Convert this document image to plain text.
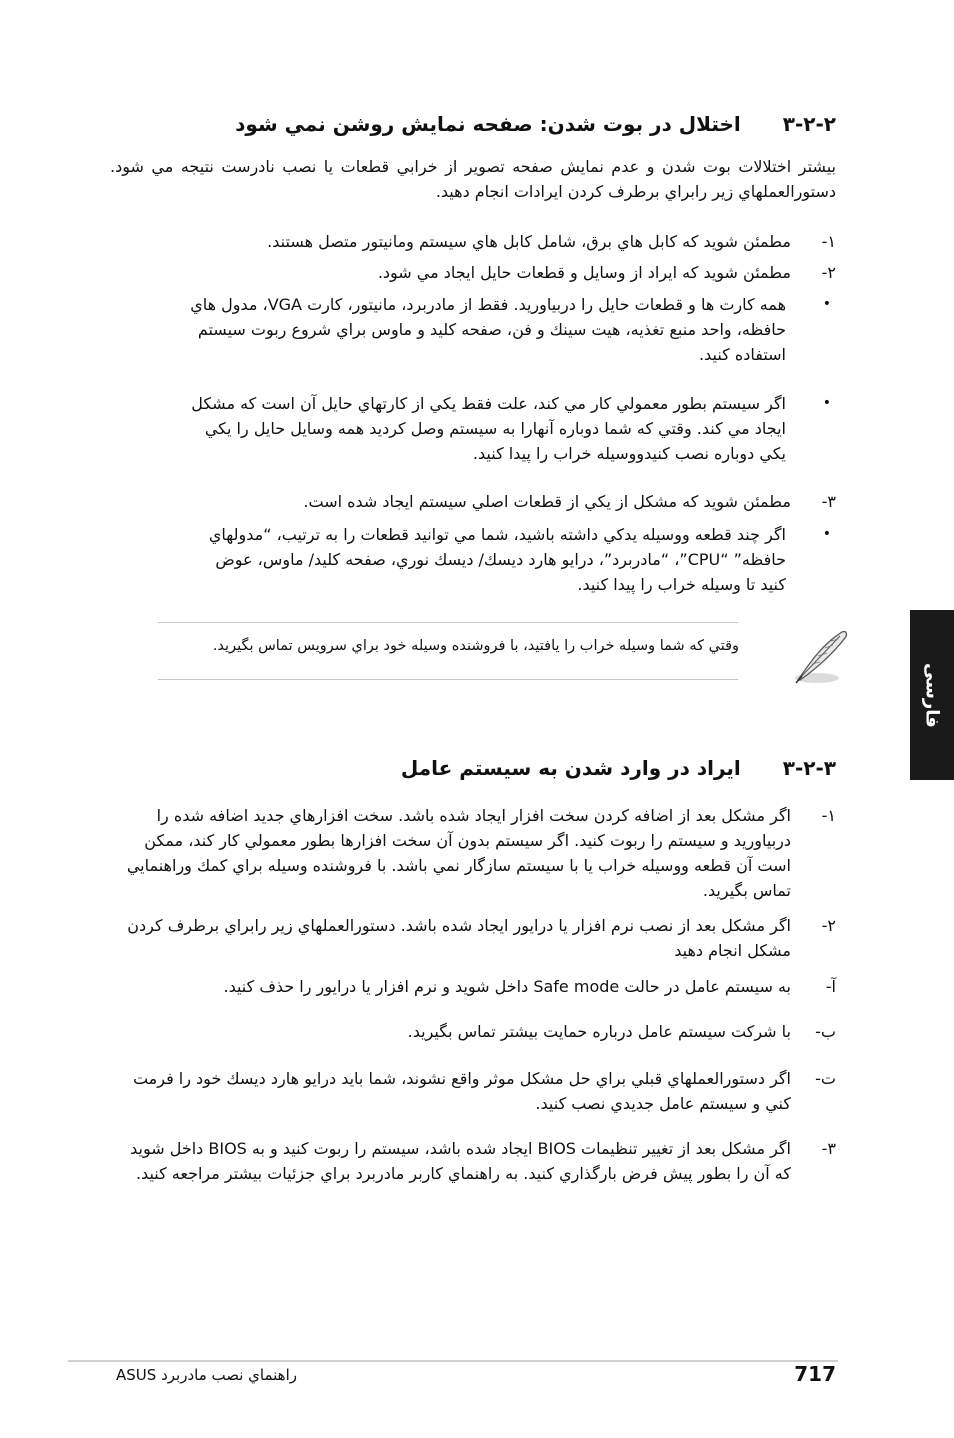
۳-۲-۲
اختلال در بوت شدن: صفحه نمايش روشن نمي شود
بيشتر اختلالات بوت شدن و عدم نمايش صفحه تصوير از خرابي قطعات يا نصب نادرست نتيجه مي شود. دستورالعملهاي زير رابراي برطرف كردن ايرادات انجام دهيد.
١-
مطمئن شويد كه كابل هاي برق، شامل كابل هاي سيستم ومانيتور متصل هستند.
٢-
مطمئن شويد كه ايراد از وسايل و قطعات حايل ايجاد مي شود.
•
همه كارت ها و قطعات حايل را دربياوريد. فقط از مادربرد، مانيتور، كارت VGA، مدول هاي حافظه، واحد منبع تغذيه، هيت سينك و فن، صفحه كليد و ماوس براي شروع ربوت سيستم استفاده كنيد.
•
اگر سيستم بطور معمولي كار مي كند، علت فقط يكي از كارتهاي حايل آن است كه مشكل ايجاد مي كند. وقتي كه شما دوباره آنهارا به سيستم وصل كرديد همه وسايل حايل را يكي يكي دوباره نصب كنيدووسيله خراب را پيدا كنيد.
٣-
مطمئن شويد كه مشكل از يكي از قطعات اصلي سيستم ايجاد شده است.
•
اگر چند قطعه ووسيله يدكي داشته باشيد، شما مي توانيد قطعات را به ترتيب، “مدولهاي حافظه” “CPU”، “مادربرد”، درايو هارد ديسك/ ديسك نوري، صفحه كليد/ ماوس، عوض كنيد تا وسيله خراب را پيدا كنيد.
وقتي كه شما وسيله خراب را يافتيد، با فروشنده وسيله خود براي سرويس تماس بگيريد.
۳-۲-۳
ايراد در وارد شدن به سيستم عامل
١-
اگر مشكل بعد از اضافه كردن سخت افزار ايجاد شده باشد. سخت افزارهاي جديد اضافه شده را دربياوريد و سيستم را ربوت كنيد. اگر سيستم بدون آن سخت افزارها بطور معمولي كار كند، ممكن است آن قطعه ووسيله خراب يا با سيستم سازگار نمي باشد. با فروشنده وسيله براي كمك وراهنمايي تماس بگيريد.
٢-
اگر مشكل بعد از نصب نرم افزار يا درايور ايجاد شده باشد. دستورالعملهاي زير رابراي برطرف كردن مشكل انجام دهيد
آ-
به سيستم عامل در حالت Safe mode داخل شويد و نرم افزار يا درايور را حذف كنيد.
ب-
با شركت سيستم عامل درباره حمايت بيشتر تماس بگيريد.
ت-
اگر دستورالعملهاي قبلي براي حل مشكل موثر واقع نشوند، شما بايد درايو هارد ديسك خود را فرمت كني و سيستم عامل جديدي نصب كنيد.
٣-
اگر مشكل بعد از تغيير تنظيمات BIOS ايجاد شده باشد، سيستم را ربوت كنيد و به BIOS داخل شويد كه آن را بطور پيش فرض بارگذاري كنيد. به راهنماي كاربر مادربرد براي جزئيات بيشتر مراجعه كنيد.
فارسی
717
راهنماي نصب مادربرد ASUS
